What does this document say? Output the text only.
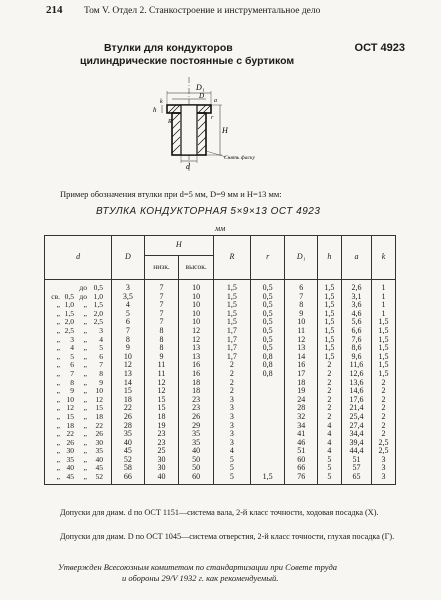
214 Том V. Отдел 2. Станкостроение и инструментальное дело
Втулки для кондукторов
цилиндрические постоянные с буртиком
ОСТ 4923
D₁
D
d
H
h
a
k
r
R
Снять фаску
Пример обозначения втулки при d=5 мм, D=9 мм и H=13 мм:
ВТУЛКА КОНДУКТОРНАЯ 5×9×13 ОСТ 4923
мм
d	D	H		R	r	D₁	h	a	k
		низк.	высок.						
до 0,5	3	7	10	1,5	0,5	6	1,5	2,6	1
св. 0,5 до 1,0	3,5	7	10	1,5	0,5	7	1,5	3,1	1
„ 1,0 „ 1,5	4	7	10	1,5	0,5	8	1,5	3,6	1
„ 1,5 „ 2,0	5	7	10	1,5	0,5	9	1,5	4,6	1
„ 2,0 „ 2,5	6	7	10	1,5	0,5	10	1,5	5,6	1,5
„ 2,5 „ 3	7	8	12	1,7	0,5	11	1,5	6,6	1,5
„ 3 „ 4	8	8	12	1,7	0,5	12	1,5	7,6	1,5
„ 4 „ 5	9	8	13	1,7	0,5	13	1,5	8,6	1,5
„ 5 „ 6	10	9	13	1,7	0,8	14	1,5	9,6	1,5
„ 6 „ 7	12	11	16	2	0,8	16	2	11,6	1,5
„ 7 „ 8	13	11	16	2	0,8	17	2	12,6	1,5
„ 8 „ 9	14	12	18	2		18	2	13,6	2
„ 9 „ 10	15	12	18	2		19	2	14,6	2
„ 10 „ 12	18	15	23	3		24	2	17,6	2
„ 12 „ 15	22	15	23	3		28	2	21,4	2
„ 15 „ 18	26	18	26	3		32	2	25,4	2
„ 18 „ 22	28	19	29	3		34	4	27,4	2
„ 22 „ 26	35	23	35	3		41	4	34,4	2
„ 26 „ 30	40	23	35	3		46	4	39,4	2,5
„ 30 „ 35	45	25	40	4		51	4	44,4	2,5
„ 35 „ 40	52	30	50	5		60	5	51	3
„ 40 „ 45	58	30	50	5		66	5	57	3
„ 45 „ 52	66	40	60	5	1,5	76	5	65	3
Допуски для диам. d по ОСТ 1151—система вала, 2-й класс точности, ходовая посадка (Х).
Допуски для диам. D по ОСТ 1045—система отверстия, 2-й класс точности, глухая посадка (Г).
Утвержден Всесоюзным комитетом по стандартизации при Совете труда
и обороны 29/V 1932 г. как рекомендуемый.
